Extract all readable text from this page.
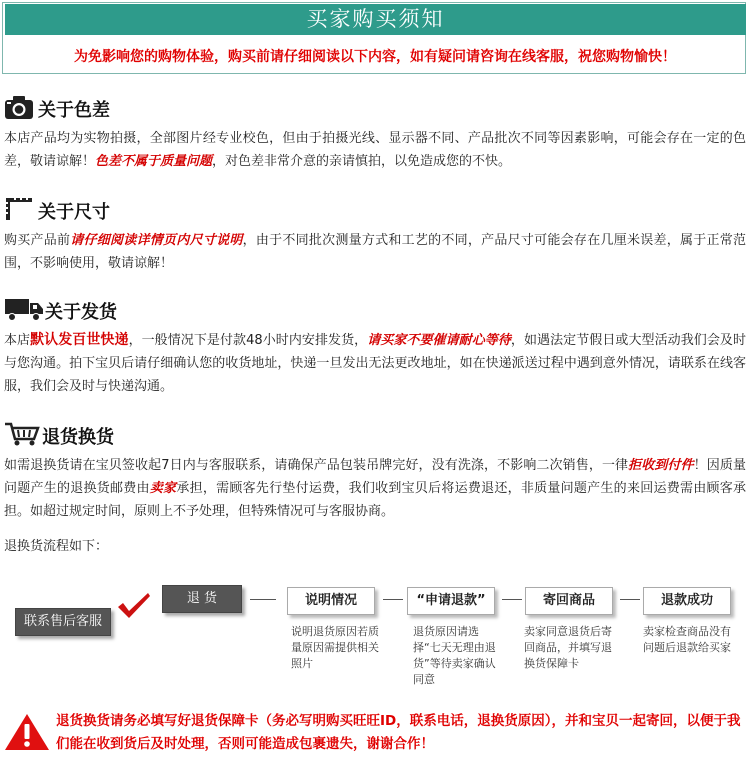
买家购买须知
为免影响您的购物体验，购买前请仔细阅读以下内容，如有疑问请咨询在线客服，祝您购物愉快！
关于色差
本店产品均为实物拍摄，全部图片经专业校色，但由于拍摄光线、显示器不同、产品批次不同等因素影响，可能会存在一定的色差，敬请谅解！色差不属于质量问题，对色差非常介意的亲请慎拍，以免造成您的不快。
关于尺寸
购买产品前请仔细阅读详情页内尺寸说明，由于不同批次测量方式和工艺的不同，产品尺寸可能会存在几厘米误差，属于正常范围，不影响使用，敬请谅解！
关于发货
本店默认发百世快递，一般情况下是付款48小时内安排发货，请买家不要催请耐心等待，如遇法定节假日或大型活动我们会及时与您沟通。拍下宝贝后请仔细确认您的收货地址，快递一旦发出无法更改地址，如在快递派送过程中遇到意外情况，请联系在线客服，我们会及时与快递沟通。
退货换货
如需退换货请在宝贝签收起7日内与客服联系，请确保产品包装吊牌完好，没有洗涤，不影响二次销售，一律拒收到付件！因质量问题产生的退换货邮费由卖家承担，需顾客先行垫付运费，我们收到宝贝后将运费退还，非质量问题产生的来回运费需由顾客承担。如超过规定时间，原则上不予处理，但特殊情况可与客服协商。
退换货流程如下：
联系售后客服
退 货	说明情况
说明退货原因若质量原因需提供相关照片
“申请退款”
退货原因请选择“七天无理由退货”等待卖家确认同意
寄回商品
卖家同意退货后寄回商品，并填写退换货保障卡
退款成功
卖家检查商品没有问题后退款给买家
退货换货请务必填写好退货保障卡（务必写明购买旺旺ID，联系电话，退换货原因），并和宝贝一起寄回，以便于我们能在收到货后及时处理，否则可能造成包裹遗失，谢谢合作！
